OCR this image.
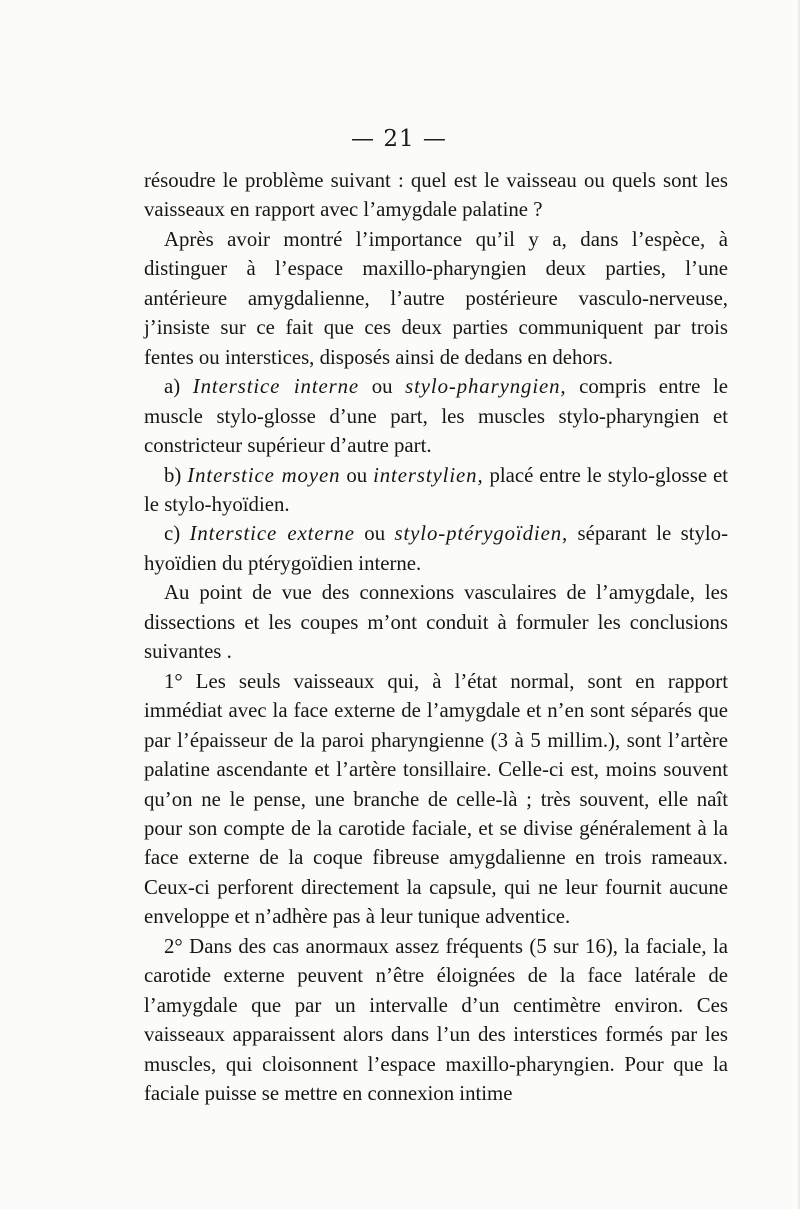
— 21 —

résoudre le problème suivant : quel est le vaisseau ou quels sont les vaisseaux en rapport avec l’amygdale palatine ?

Après avoir montré l’importance qu’il y a, dans l’espèce, à distinguer à l’espace maxillo-pharyngien deux parties, l’une antérieure amygdalienne, l’autre postérieure vasculo-nerveuse, j’insiste sur ce fait que ces deux parties communiquent par trois fentes ou interstices, disposés ainsi de dedans en dehors.

a) Interstice interne ou stylo-pharyngien, compris entre le muscle stylo-glosse d’une part, les muscles stylo-pharyngien et constricteur supérieur d’autre part.

b) Interstice moyen ou interstylien, placé entre le stylo-glosse et le stylo-hyoïdien.

c) Interstice externe ou stylo-ptérygoïdien, séparant le stylo-hyoïdien du ptérygoïdien interne.

Au point de vue des connexions vasculaires de l’amygdale, les dissections et les coupes m’ont conduit à formuler les conclusions suivantes .

1° Les seuls vaisseaux qui, à l’état normal, sont en rapport immédiat avec la face externe de l’amygdale et n’en sont séparés que par l’épaisseur de la paroi pharyngienne (3 à 5 millim.), sont l’artère palatine ascendante et l’artère tonsillaire. Celle-ci est, moins souvent qu’on ne le pense, une branche de celle-là ; très souvent, elle naît pour son compte de la carotide faciale, et se divise généralement à la face externe de la coque fibreuse amygdalienne en trois rameaux. Ceux-ci perforent directement la capsule, qui ne leur fournit aucune enveloppe et n’adhère pas à leur tunique adventice.

2° Dans des cas anormaux assez fréquents (5 sur 16), la faciale, la carotide externe peuvent n’être éloignées de la face latérale de l’amygdale que par un intervalle d’un centimètre environ. Ces vaisseaux apparaissent alors dans l’un des interstices formés par les muscles, qui cloisonnent l’espace maxillo-pharyngien. Pour que la faciale puisse se mettre en connexion intime
